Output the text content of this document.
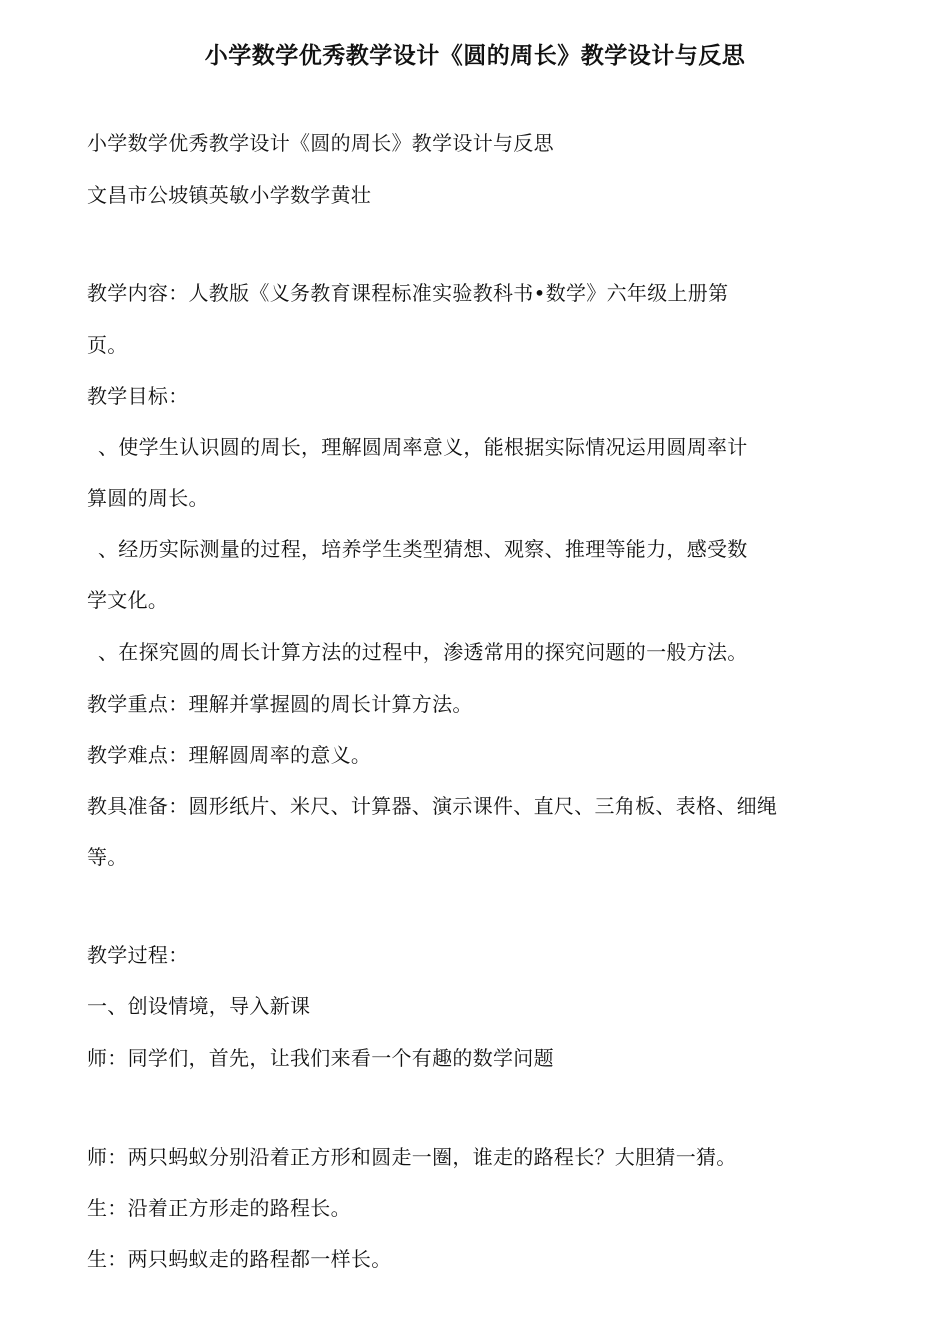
小学数学优秀教学设计《圆的周长》教学设计与反思
小学数学优秀教学设计《圆的周长》教学设计与反思
文昌市公坡镇英敏小学数学黄壮
教学内容：人教版《义务教育课程标准实验教科书•数学》六年级上册第
页。
教学目标：
、使学生认识圆的周长，理解圆周率意义，能根据实际情况运用圆周率计
算圆的周长。
、经历实际测量的过程，培养学生类型猜想、观察、推理等能力，感受数
学文化。
、在探究圆的周长计算方法的过程中，渗透常用的探究问题的一般方法。
教学重点：理解并掌握圆的周长计算方法。
教学难点：理解圆周率的意义。
教具准备：圆形纸片、米尺、计算器、演示课件、直尺、三角板、表格、细绳
等。
教学过程：
一、创设情境，导入新课
师：同学们，首先，让我们来看一个有趣的数学问题
师：两只蚂蚁分别沿着正方形和圆走一圈，谁走的路程长？大胆猜一猜。
生：沿着正方形走的路程长。
生：两只蚂蚁走的路程都一样长。
